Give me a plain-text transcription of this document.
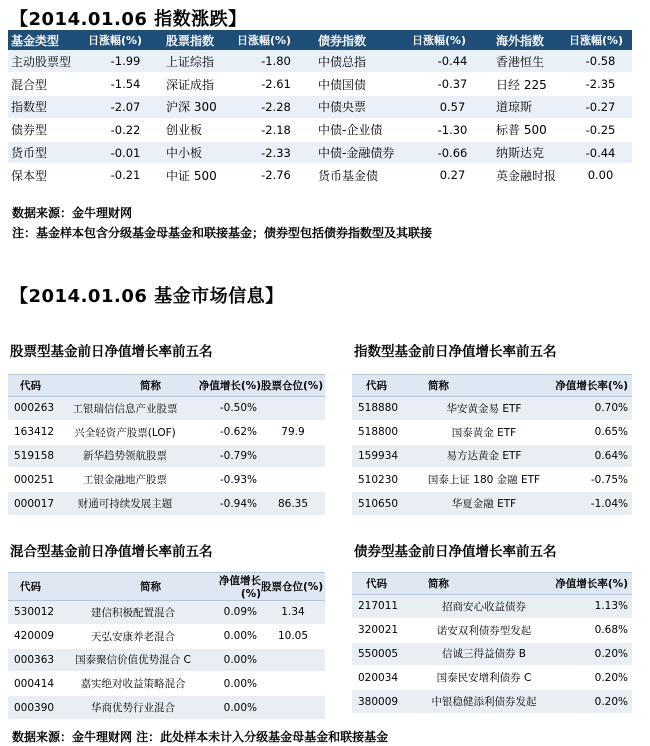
【2014.01.06 指数涨跌】
基金类型	日涨幅(%)	股票指数	日涨幅(%)	债券指数	日涨幅(%)	海外指数	日涨幅(%)
主动股票型	-1.99	上证综指	-1.80	中债总指	-0.44	香港恒生	-0.58
混合型	-1.54	深证成指	-2.61	中债国债	-0.37	日经 225	-2.35
指数型	-2.07	沪深 300	-2.28	中债央票	0.57	道琼斯	-0.27
债券型	-0.22	创业板	-2.18	中债-企业债	-1.30	标普 500	-0.25
货币型	-0.01	中小板	-2.33	中债-金融债券	-0.66	纳斯达克	-0.44
保本型	-0.21	中证 500	-2.76	货币基金债	0.27	英金融时报	0.00
数据来源：金牛理财网
注：基金样本包含分级基金母基金和联接基金；债券型包括债券指数型及其联接
【2014.01.06 基金市场信息】
股票型基金前日净值增长率前五名
代码	简称	净值增长(%)	股票仓位(%)
000263	工银瑞信信息产业股票	-0.50%	
163412	兴全轻资产股票(LOF)	-0.62%	79.9
519158	新华趋势领航股票	-0.79%	
000251	工银金融地产股票	-0.93%	
000017	财通可持续发展主题	-0.94%	86.35
指数型基金前日净值增长率前五名
代码	简称	净值增长率(%)
518880	华安黄金易 ETF	0.70%
518800	国泰黄金 ETF	0.65%
159934	易方达黄金 ETF	0.64%
510230	国泰上证 180 金融 ETF	-0.75%
510650	华夏金融 ETF	-1.04%
混合型基金前日净值增长率前五名
代码	简称	净值增长(%)	股票仓位(%)
530012	建信积极配置混合	0.09%	1.34
420009	天弘安康养老混合	0.00%	10.05
000363	国泰聚信价值优势混合 C	0.00%	
000414	嘉实绝对收益策略混合	0.00%	
000390	华商优势行业混合	0.00%	
债券型基金前日净值增长率前五名
代码	简称	净值增长率(%)
217011	招商安心收益债券	1.13%
320021	诺安双利债券型发起	0.68%
550005	信诚三得益债券 B	0.20%
020034	国泰民安增利债券 C	0.20%
380009	中银稳健添利债券发起	0.20%
数据来源：金牛理财网 注：此处样本未计入分级基金母基金和联接基金
